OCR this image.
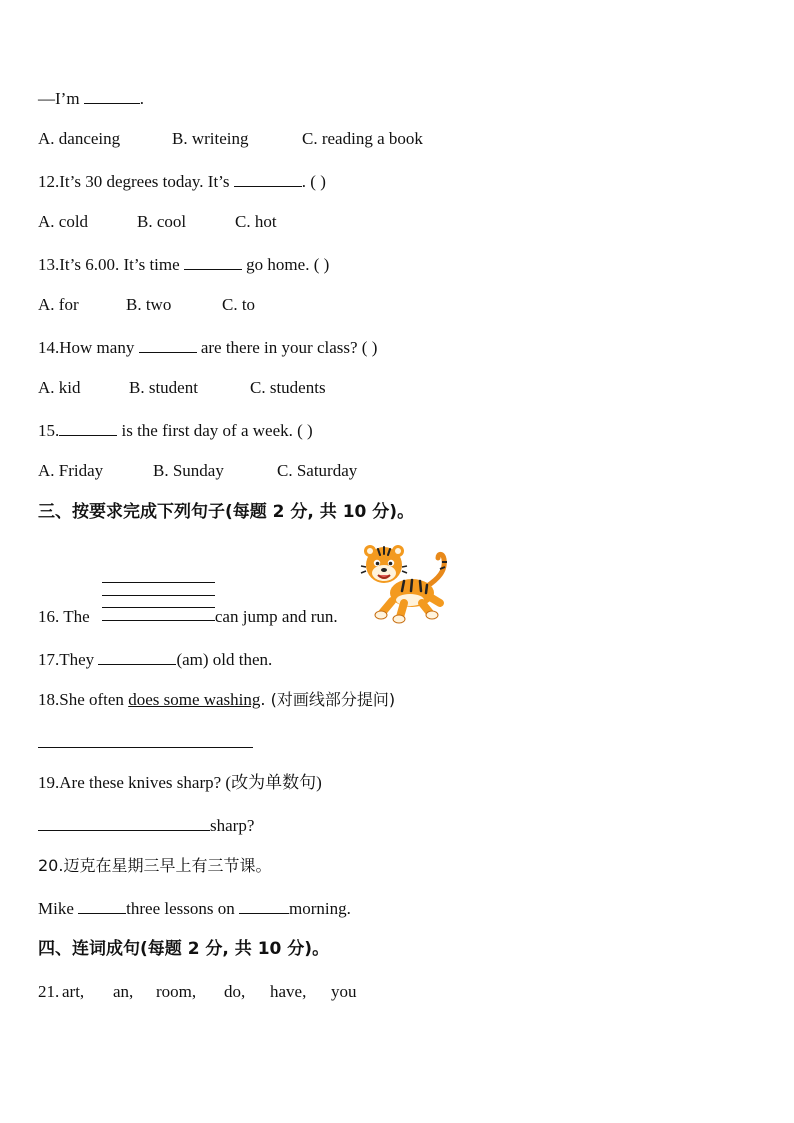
—I’m	.
A. danceing	B. writeing	C. reading a book
12.It’s 30 degrees today. It’s	. ( )
A. cold	B. cool	C. hot
13.It’s 6.00. It’s time	go home. ( )
A. for	B. two	C. to
14.How many	are there in your class? ( )
A. kid	B. student	C. students
15.	is the first day of a week. ( )
A. Friday	B. Sunday	C. Saturday
三、按要求完成下列句子(每题 2 分, 共 10 分)。
16. The	can jump and run.
17.They	(am) old then.
18.She often does some washing. (对画线部分提问)
19.Are these knives sharp? (改为单数句)
sharp?
20.迈克在星期三早上有三节课。
Mike	three lessons on	morning.
四、连词成句(每题 2 分, 共 10 分)。
21. art, an, room, do, have, you
